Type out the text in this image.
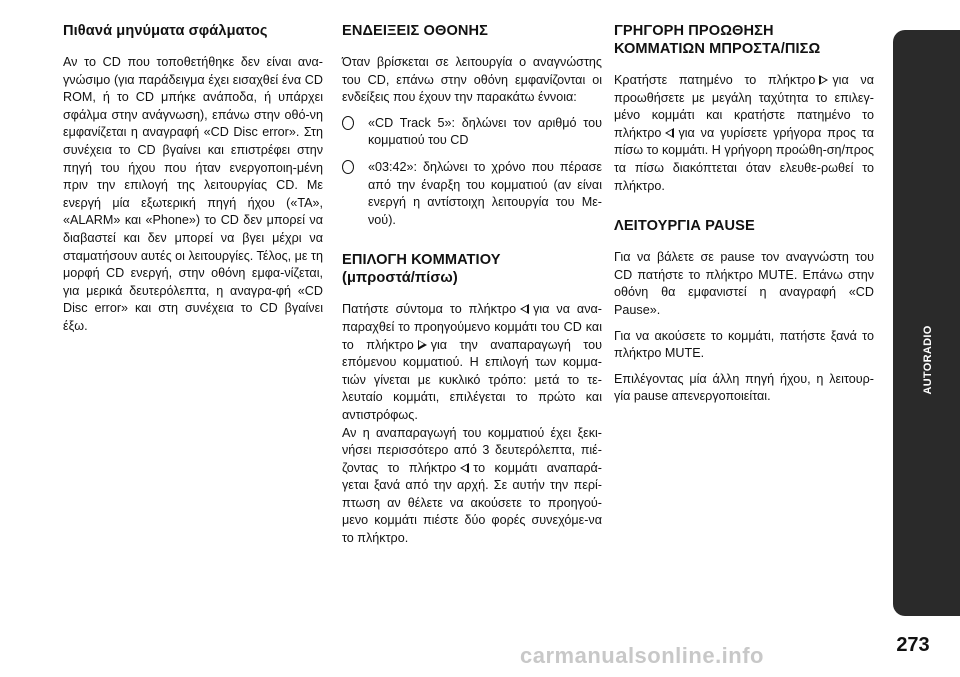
Πιθανά μηνύματα σφάλματος

Αν το CD που τοποθετήθηκε δεν είναι ανα-γνώσιμο (για παράδειγμα έχει εισαχθεί ένα CD ROM, ή το CD μπήκε ανάποδα, ή υπάρχει σφάλμα στην ανάγνωση), επάνω στην οθό-νη εμφανίζεται η αναγραφή «CD Disc error». Στη συνέχεια το CD βγαίνει και επιστρέφει στην πηγή του ήχου που ήταν ενεργοποιη-μένη πριν την επιλογή της λειτουργίας CD. Με ενεργή μία εξωτερική πηγή ήχου («TA», «ALARM» και «Phone») το CD δεν μπορεί να διαβαστεί και δεν μπορεί να βγει μέχρι να σταματήσουν αυτές οι λειτουργίες. Τέλος, με τη μορφή CD ενεργή, στην οθόνη εμφα-νίζεται, για μερικά δευτερόλεπτα, η αναγρα-φή «CD Disc error» και στη συνέχεια το CD βγαίνει έξω.

ΕΝΔΕΙΞΕΙΣ ΟΘΟΝΗΣ

Όταν βρίσκεται σε λειτουργία ο αναγνώστης του CD, επάνω στην οθόνη εμφανίζονται οι ενδείξεις που έχουν την παρακάτω έννοια:

«CD Track 5»: δηλώνει τον αριθμό του κομματιού του CD
«03:42»: δηλώνει το χρόνο που πέρασε από την έναρξη του κομματιού (αν είναι ενεργή η αντίστοιχη λειτουργία του Με-νού).
ΕΠΙΛΟΓΗ ΚΟΜΜΑΤΙΟΥ
(μπροστά/πίσω)

Πατήστε σύντομα το πλήκτρο για να ανα-παραχθεί το προηγούμενο κομμάτι του CD και το πλήκτρο για την αναπαραγωγή του επόμενου κομματιού. Η επιλογή των κομμα-τιών γίνεται με κυκλικό τρόπο: μετά το τε-λευταίο κομμάτι, επιλέγεται το πρώτο και αντιστρόφως.
Αν η αναπαραγωγή του κομματιού έχει ξεκι-νήσει περισσότερο από 3 δευτερόλεπτα, πιέ-ζοντας το πλήκτρο το κομμάτι αναπαρά-γεται ξανά από την αρχή. Σε αυτήν την περί-πτωση αν θέλετε να ακούσετε το προηγού-μενο κομμάτι πιέστε δύο φορές συνεχόμε-να το πλήκτρο.

ΓΡΗΓΟΡΗ ΠΡΟΩΘΗΣΗ
ΚΟΜΜΑΤΙΩΝ ΜΠΡΟΣΤΑ/ΠΙΣΩ

Κρατήστε πατημένο το πλήκτρο για να προωθήσετε με μεγάλη ταχύτητα το επιλεγ-μένο κομμάτι και κρατήστε πατημένο το πλήκτρο για να γυρίσετε γρήγορα προς τα πίσω το κομμάτι. Η γρήγορη προώθη-ση/προς τα πίσω διακόπτεται όταν ελευθε-ρωθεί το πλήκτρο.

ΛΕΙΤΟΥΡΓΙΑ PAUSE

Για να βάλετε σε pause τον αναγνώστη του CD πατήστε το πλήκτρο MUTE. Επάνω στην οθόνη θα εμφανιστεί η αναγραφή «CD Pause».

Για να ακούσετε το κομμάτι, πατήστε ξανά το πλήκτρο MUTE.

Επιλέγοντας μία άλλη πηγή ήχου, η λειτουρ-γία pause απενεργοποιείται.

AUTORADIO
273
carmanualsonline.info
